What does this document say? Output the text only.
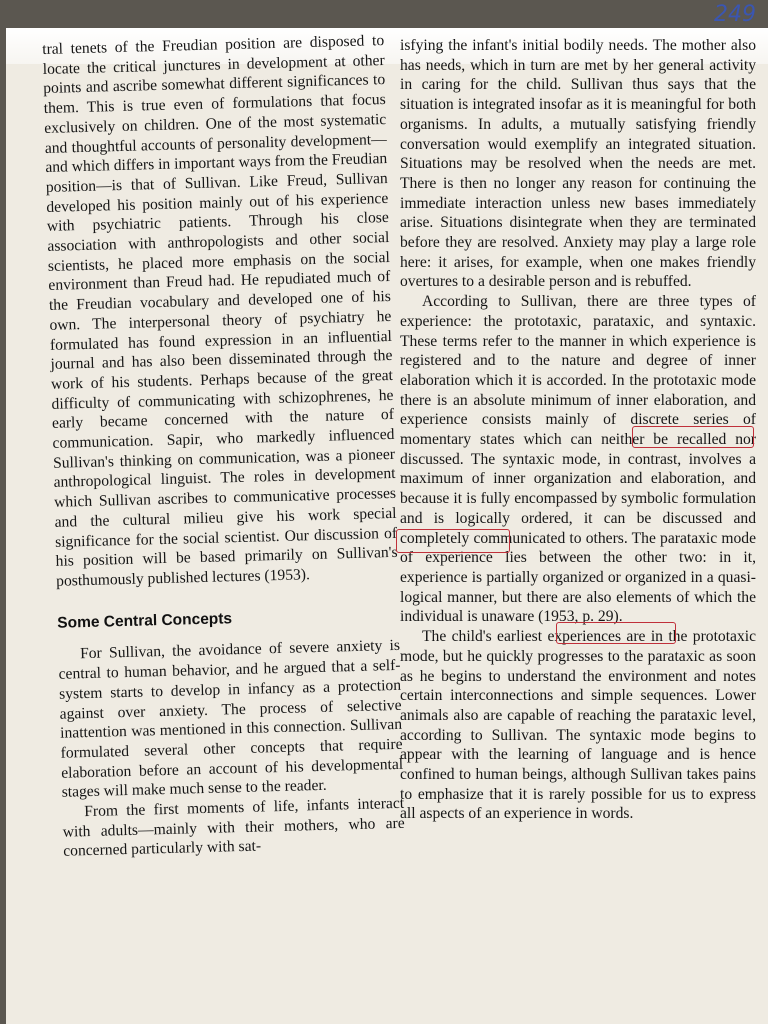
249

tral tenets of the Freudian position are disposed to locate the critical junctures in development at other points and ascribe somewhat different significances to them. This is true even of formulations that focus exclusively on children. One of the most systematic and thoughtful accounts of personality development—and which differs in important ways from the Freudian position—is that of Sullivan. Like Freud, Sullivan developed his position mainly out of his experience with psychiatric patients. Through his close association with anthropologists and other social scientists, he placed more emphasis on the social environment than Freud had. He repudiated much of the Freudian vocabulary and developed one of his own. The interpersonal theory of psychiatry he formulated has found expression in an influential journal and has also been disseminated through the work of his students. Perhaps because of the great difficulty of communicating with schizophrenes, he early became concerned with the nature of communication. Sapir, who markedly influenced Sullivan's thinking on communication, was a pioneer anthropological linguist. The roles in development which Sullivan ascribes to communicative processes and the cultural milieu give his work special significance for the social scientist. Our discussion of his position will be based primarily on Sullivan's posthumously published lectures (1953).

Some Central Concepts

For Sullivan, the avoidance of severe anxiety is central to human behavior, and he argued that a self-system starts to develop in infancy as a protection against over anxiety. The process of selective inattention was mentioned in this connection. Sullivan formulated several other concepts that require elaboration before an account of his developmental stages will make much sense to the reader.

From the first moments of life, infants interact with adults—mainly with their mothers, who are concerned particularly with sat-

isfying the infant's initial bodily needs. The mother also has needs, which in turn are met by her general activity in caring for the child. Sullivan thus says that the situation is integrated insofar as it is meaningful for both organisms. In adults, a mutually satisfying friendly conversation would exemplify an integrated situation. Situations may be resolved when the needs are met. There is then no longer any reason for continuing the immediate interaction unless new bases immediately arise. Situations disintegrate when they are terminated before they are resolved. Anxiety may play a large role here: it arises, for example, when one makes friendly overtures to a desirable person and is rebuffed.

According to Sullivan, there are three types of experience: the prototaxic, parataxic, and syntaxic. These terms refer to the manner in which experience is registered and to the nature and degree of inner elaboration which it is accorded. In the prototaxic mode there is an absolute minimum of inner elaboration, and experience consists mainly of discrete series of momentary states which can neither be recalled nor discussed. The syntaxic mode, in contrast, involves a maximum of inner organization and elaboration, and because it is fully encompassed by symbolic formulation and is logically ordered, it can be discussed and completely communicated to others. The parataxic mode of experience lies between the other two: in it, experience is partially organized or organized in a quasi-logical manner, but there are also elements of which the individual is unaware (1953, p. 29).

The child's earliest experiences are in the prototaxic mode, but he quickly progresses to the parataxic as soon as he begins to understand the environment and notes certain interconnections and simple sequences. Lower animals also are capable of reaching the parataxic level, according to Sullivan. The syntaxic mode begins to appear with the learning of language and is hence confined to human beings, although Sullivan takes pains to emphasize that it is rarely possible for us to express all aspects of an experience in words.
